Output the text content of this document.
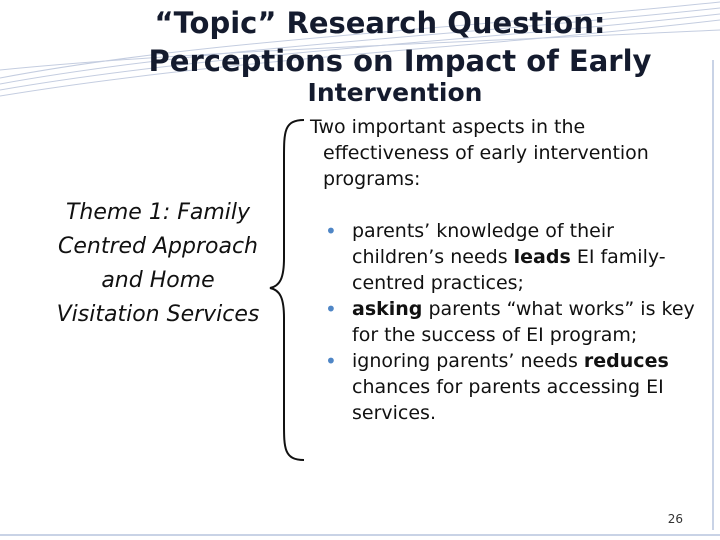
“Topic” Research Question:
Perceptions on Impact of Early
Intervention
Theme 1: Family
Centred Approach
and Home
Visitation Services
Two important aspects in the
effectiveness of early intervention programs:
• parents’ knowledge of their children’s needs leads EI family-centred practices;
• asking parents “what works” is key for the success of EI program;
• ignoring parents’ needs reduces chances for parents accessing EI services.
26
